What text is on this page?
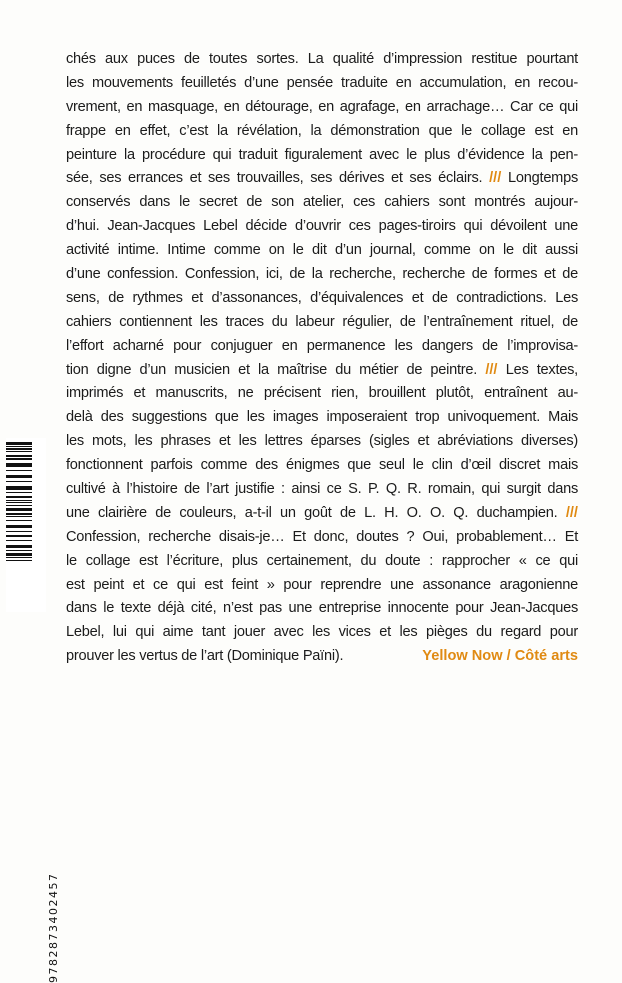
chés aux puces de toutes sortes. La qualité d’impression restitue pourtant
les mouvements feuilletés d’une pensée traduite en accumulation, en recou-
vrement, en masquage, en détourage, en agrafage, en arrachage… Car ce qui
frappe en effet, c’est la révélation, la démonstration que le collage est en
peinture la procédure qui traduit figuralement avec le plus d’évidence la pen-
sée, ses errances et ses trouvailles, ses dérives et ses éclairs. /// Longtemps
conservés dans le secret de son atelier, ces cahiers sont montrés aujour-
d’hui. Jean-Jacques Lebel décide d’ouvrir ces pages-tiroirs qui dévoilent une
activité intime. Intime comme on le dit d’un journal, comme on le dit aussi
d’une confession. Confession, ici, de la recherche, recherche de formes et de
sens, de rythmes et d’assonances, d’équivalences et de contradictions. Les
cahiers contiennent les traces du labeur régulier, de l’entraînement rituel, de
l’effort acharné pour conjuguer en permanence les dangers de l’improvisa-
tion digne d’un musicien et la maîtrise du métier de peintre. /// Les textes,
imprimés et manuscrits, ne précisent rien, brouillent plutôt, entraînent au-
delà des suggestions que les images imposeraient trop univoquement. Mais
les mots, les phrases et les lettres éparses (sigles et abréviations diverses)
fonctionnent parfois comme des énigmes que seul le clin d’œil discret mais
cultivé à l’histoire de l’art justifie : ainsi ce S. P. Q. R. romain, qui surgit dans
une clairière de couleurs, a-t-il un goût de L. H. O. O. Q. duchampien. ///
Confession, recherche disais-je… Et donc, doutes ? Oui, probablement… Et
le collage est l’écriture, plus certainement, du doute : rapprocher « ce qui
est peint et ce qui est feint » pour reprendre une assonance aragonienne
dans le texte déjà cité, n’est pas une entreprise innocente pour Jean-Jacques
Lebel, lui qui aime tant jouer avec les vices et les pièges du regard pour
prouver les vertus de l’art (Dominique Païni).	Yellow Now / Côté arts
9782873402457
